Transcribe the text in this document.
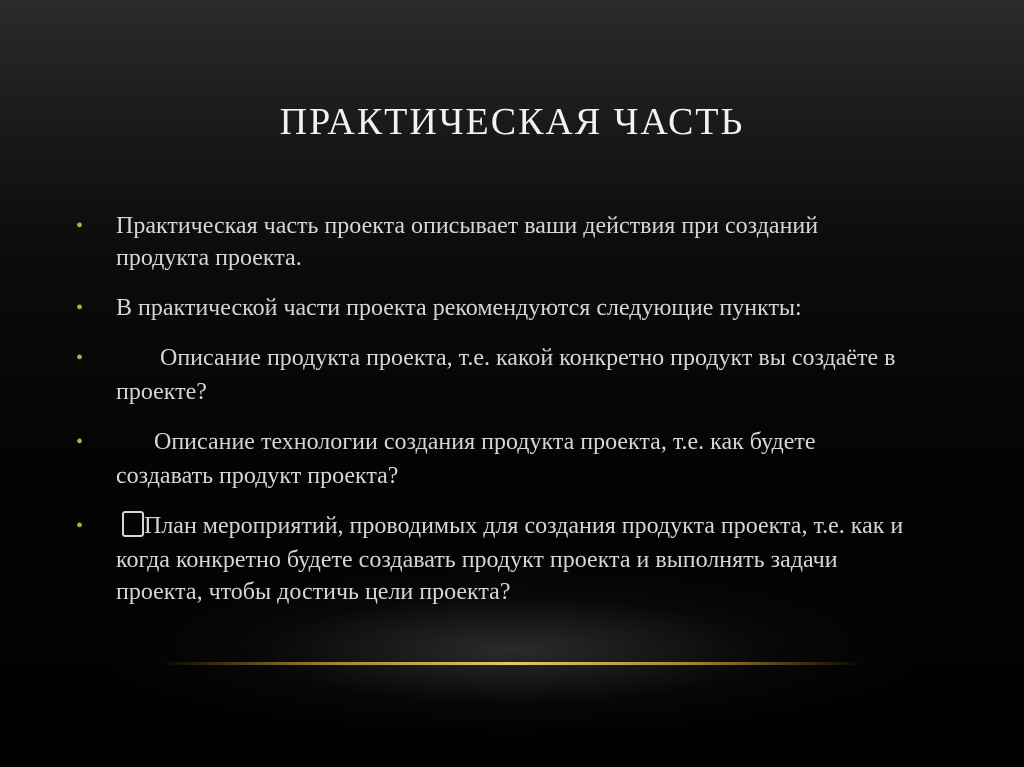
ПРАКТИЧЕСКАЯ ЧАСТЬ
• Практическая часть проекта описывает ваши действия при созданий продукта проекта.
• В практической части проекта рекомендуются следующие пункты:
•	Описание продукта проекта, т.е. какой конкретно продукт вы создаёте в проекте?
•	Описание технологии создания продукта проекта, т.е. как будете создавать продукт проекта?
•	План мероприятий, проводимых для создания продукта проекта, т.е. как и когда конкретно будете создавать продукт проекта и выполнять задачи проекта, чтобы достичь цели проекта?
